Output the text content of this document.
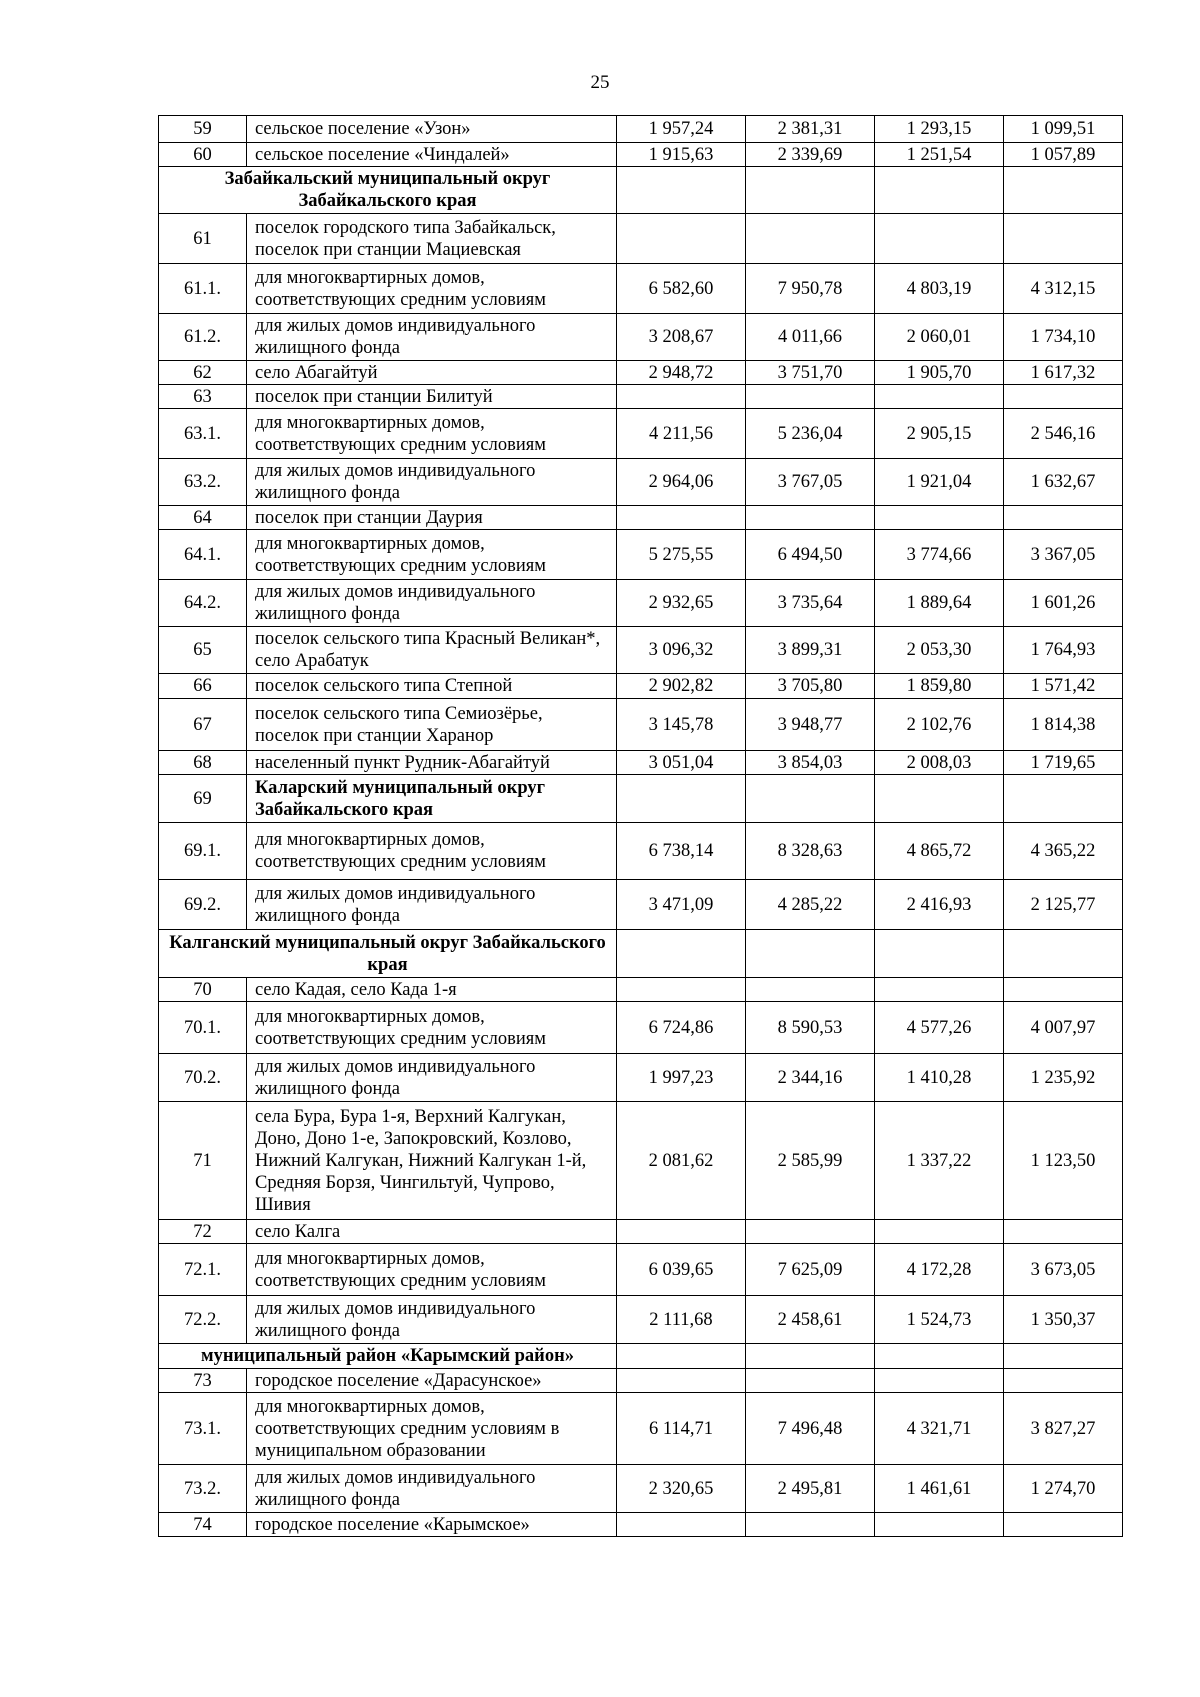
25
59	сельское поселение «Узон»	1 957,24	2 381,31	1 293,15	1 099,51
60	сельское поселение «Чиндалей»	1 915,63	2 339,69	1 251,54	1 057,89
Забайкальский муниципальный округ Забайкальского края					
61	поселок городского типа Забайкальск, поселок при станции Мациевская				
61.1.	для многоквартирных домов, соответствующих средним условиям	6 582,60	7 950,78	4 803,19	4 312,15
61.2.	для жилых домов индивидуального жилищного фонда	3 208,67	4 011,66	2 060,01	1 734,10
62	село Абагайтуй	2 948,72	3 751,70	1 905,70	1 617,32
63	поселок при станции Билитуй				
63.1.	для многоквартирных домов, соответствующих средним условиям	4 211,56	5 236,04	2 905,15	2 546,16
63.2.	для жилых домов индивидуального жилищного фонда	2 964,06	3 767,05	1 921,04	1 632,67
64	поселок при станции Даурия				
64.1.	для многоквартирных домов, соответствующих средним условиям	5 275,55	6 494,50	3 774,66	3 367,05
64.2.	для жилых домов индивидуального жилищного фонда	2 932,65	3 735,64	1 889,64	1 601,26
65	поселок сельского типа Красный Великан*, село Арабатук	3 096,32	3 899,31	2 053,30	1 764,93
66	поселок сельского типа Степной	2 902,82	3 705,80	1 859,80	1 571,42
67	поселок сельского типа Семиозёрье, поселок при станции Харанор	3 145,78	3 948,77	2 102,76	1 814,38
68	населенный пункт Рудник-Абагайтуй	3 051,04	3 854,03	2 008,03	1 719,65
69	Каларский муниципальный округ Забайкальского края				
69.1.	для многоквартирных домов, соответствующих средним условиям	6 738,14	8 328,63	4 865,72	4 365,22
69.2.	для жилых домов индивидуального жилищного фонда	3 471,09	4 285,22	2 416,93	2 125,77
Калганский муниципальный округ Забайкальского края					
70	село Кадая, село Када 1-я				
70.1.	для многоквартирных домов, соответствующих средним условиям	6 724,86	8 590,53	4 577,26	4 007,97
70.2.	для жилых домов индивидуального жилищного фонда	1 997,23	2 344,16	1 410,28	1 235,92
71	села Бура, Бура 1-я, Верхний Калгукан, Доно, Доно 1-е, Запокровский, Козлово, Нижний Калгукан, Нижний Калгукан 1-й, Средняя Борзя, Чингильтуй, Чупрово, Шивия	2 081,62	2 585,99	1 337,22	1 123,50
72	село Калга				
72.1.	для многоквартирных домов, соответствующих средним условиям	6 039,65	7 625,09	4 172,28	3 673,05
72.2.	для жилых домов индивидуального жилищного фонда	2 111,68	2 458,61	1 524,73	1 350,37
муниципальный район «Карымский район»					
73	городское поселение «Дарасунское»				
73.1.	для многоквартирных домов, соответствующих средним условиям в муниципальном образовании	6 114,71	7 496,48	4 321,71	3 827,27
73.2.	для жилых домов индивидуального жилищного фонда	2 320,65	2 495,81	1 461,61	1 274,70
74	городское поселение «Карымское»				
